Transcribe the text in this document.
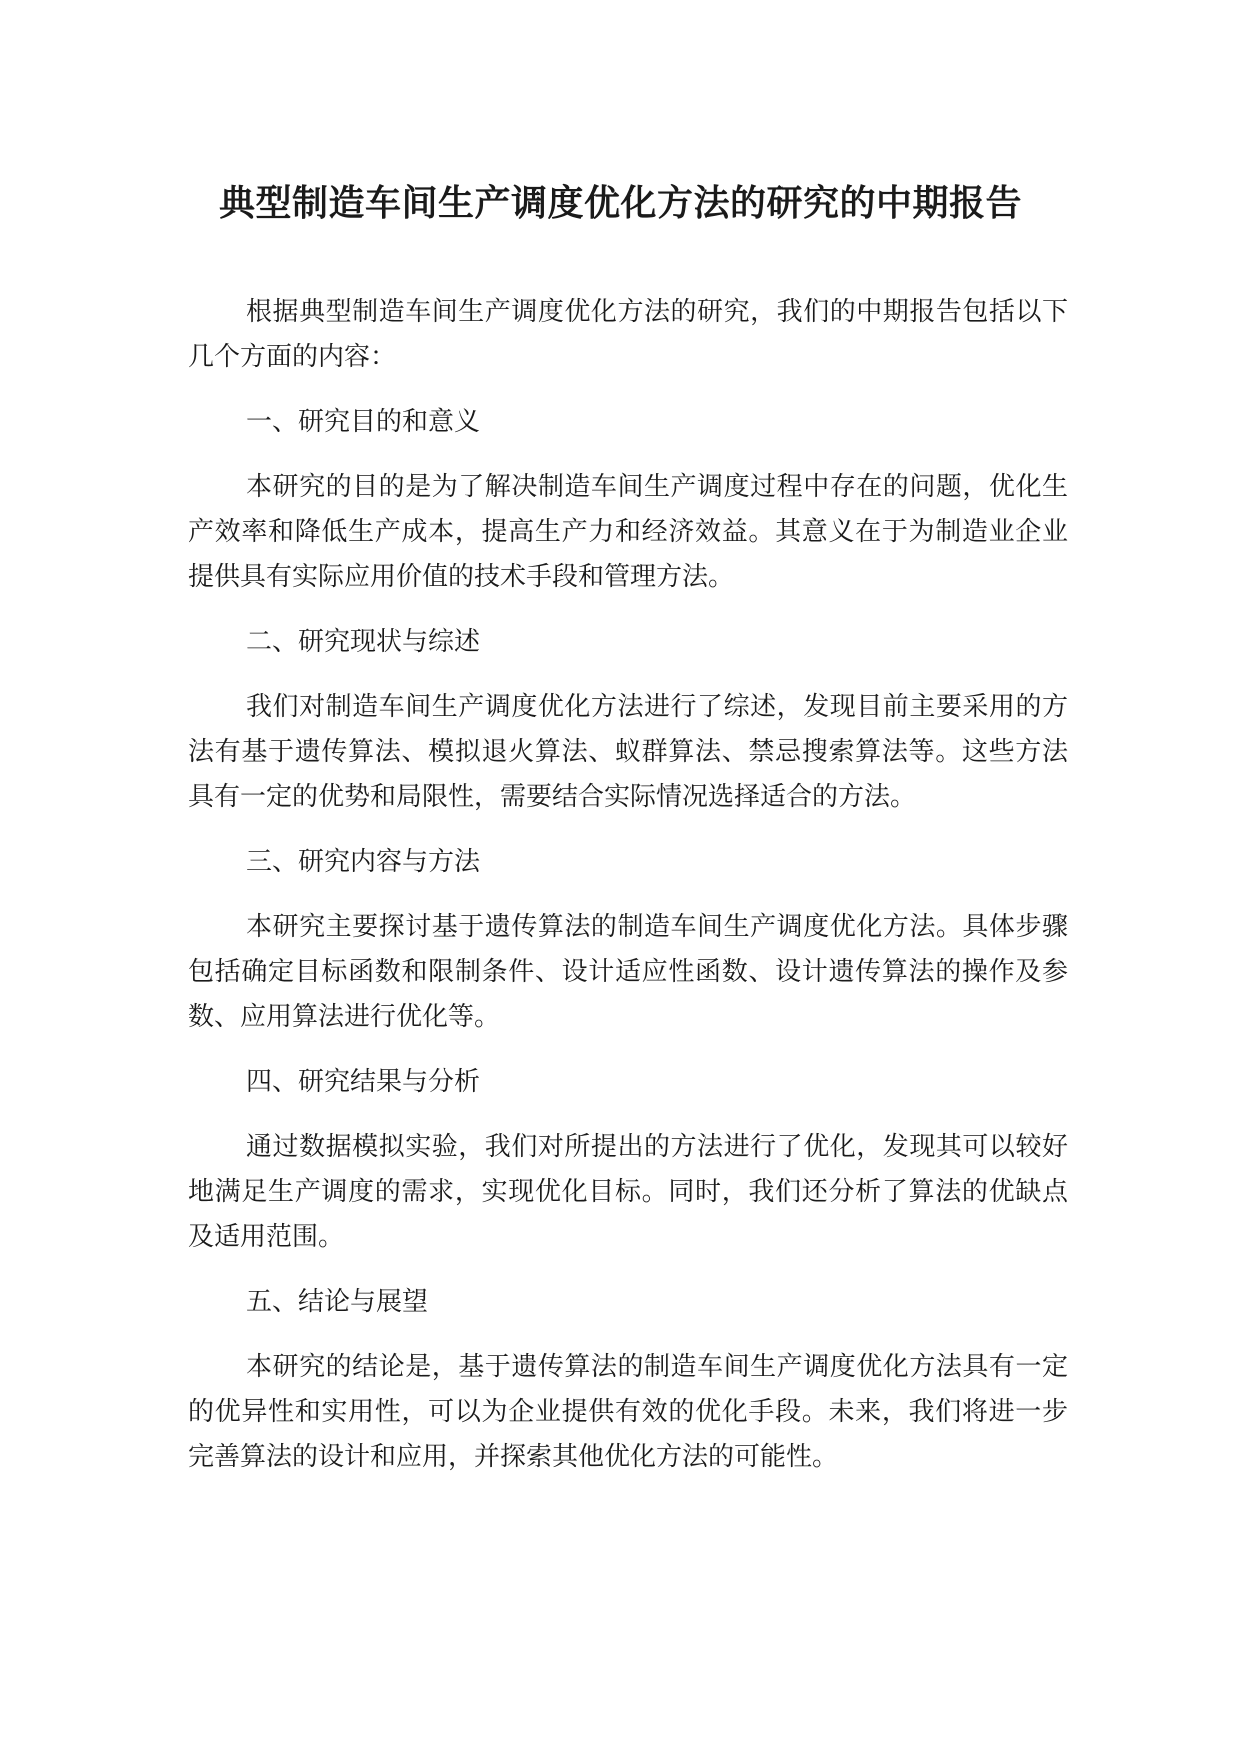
典型制造车间生产调度优化方法的研究的中期报告

根据典型制造车间生产调度优化方法的研究，我们的中期报告包括以下几个方面的内容：

一、研究目的和意义

本研究的目的是为了解决制造车间生产调度过程中存在的问题，优化生产效率和降低生产成本，提高生产力和经济效益。其意义在于为制造业企业提供具有实际应用价值的技术手段和管理方法。

二、研究现状与综述

我们对制造车间生产调度优化方法进行了综述，发现目前主要采用的方法有基于遗传算法、模拟退火算法、蚁群算法、禁忌搜索算法等。这些方法具有一定的优势和局限性，需要结合实际情况选择适合的方法。

三、研究内容与方法

本研究主要探讨基于遗传算法的制造车间生产调度优化方法。具体步骤包括确定目标函数和限制条件、设计适应性函数、设计遗传算法的操作及参数、应用算法进行优化等。

四、研究结果与分析

通过数据模拟实验，我们对所提出的方法进行了优化，发现其可以较好地满足生产调度的需求，实现优化目标。同时，我们还分析了算法的优缺点及适用范围。

五、结论与展望

本研究的结论是，基于遗传算法的制造车间生产调度优化方法具有一定的优异性和实用性，可以为企业提供有效的优化手段。未来，我们将进一步完善算法的设计和应用，并探索其他优化方法的可能性。
